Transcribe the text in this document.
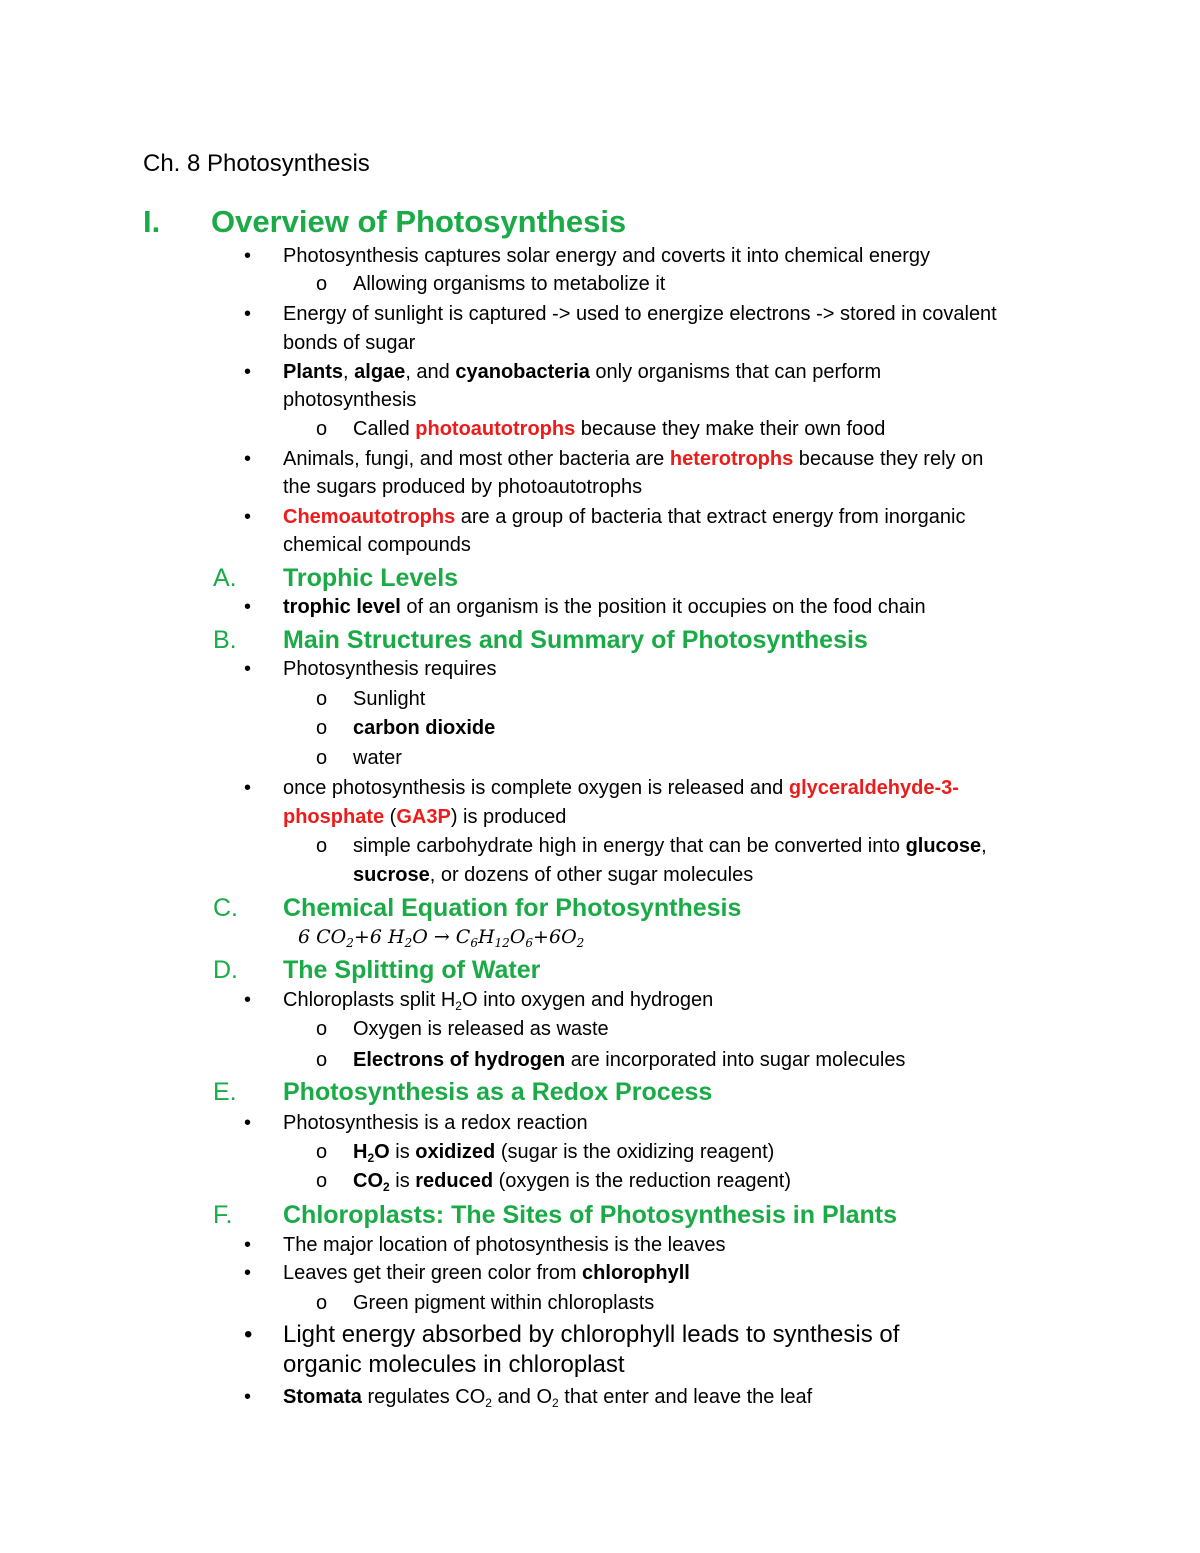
Ch. 8 Photosynthesis
I. Overview of Photosynthesis
• Photosynthesis captures solar energy and coverts it into chemical energy
o Allowing organisms to metabolize it
• Energy of sunlight is captured -> used to energize electrons -> stored in covalent
bonds of sugar
• Plants, algae, and cyanobacteria only organisms that can perform
photosynthesis
o Called photoautotrophs because they make their own food
• Animals, fungi, and most other bacteria are heterotrophs because they rely on
the sugars produced by photoautotrophs
• Chemoautotrophs are a group of bacteria that extract energy from inorganic
chemical compounds
A. Trophic Levels
• trophic level of an organism is the position it occupies on the food chain
B. Main Structures and Summary of Photosynthesis
• Photosynthesis requires
o Sunlight
o carbon dioxide
o water
• once photosynthesis is complete oxygen is released and glyceraldehyde-3-
phosphate (GA3P) is produced
o simple carbohydrate high in energy that can be converted into glucose,
sucrose, or dozens of other sugar molecules
C. Chemical Equation for Photosynthesis
6 $CO_2+6$ $H_2O \to C_6H_{12}O_6+6O_2$
D. The Splitting of Water
• Chloroplasts split $H_2O$ into oxygen and hydrogen
o Oxygen is released as waste
o Electrons of hydrogen are incorporated into sugar molecules
E. Photosynthesis as a Redox Process
• Photosynthesis is a redox reaction
o $H_2O$ is oxidized (sugar is the oxidizing reagent)
o $CO_2$ is reduced (oxygen is the reduction reagent)
F. Chloroplasts: The Sites of Photosynthesis in Plants
• The major location of photosynthesis is the leaves
• Leaves get their green color from chlorophyll
o Green pigment within chloroplasts
• Light energy absorbed by chlorophyll leads to synthesis of
organic molecules in chloroplast
• Stomata regulates $CO_2$ and $O_2$ that enter and leave the leaf
